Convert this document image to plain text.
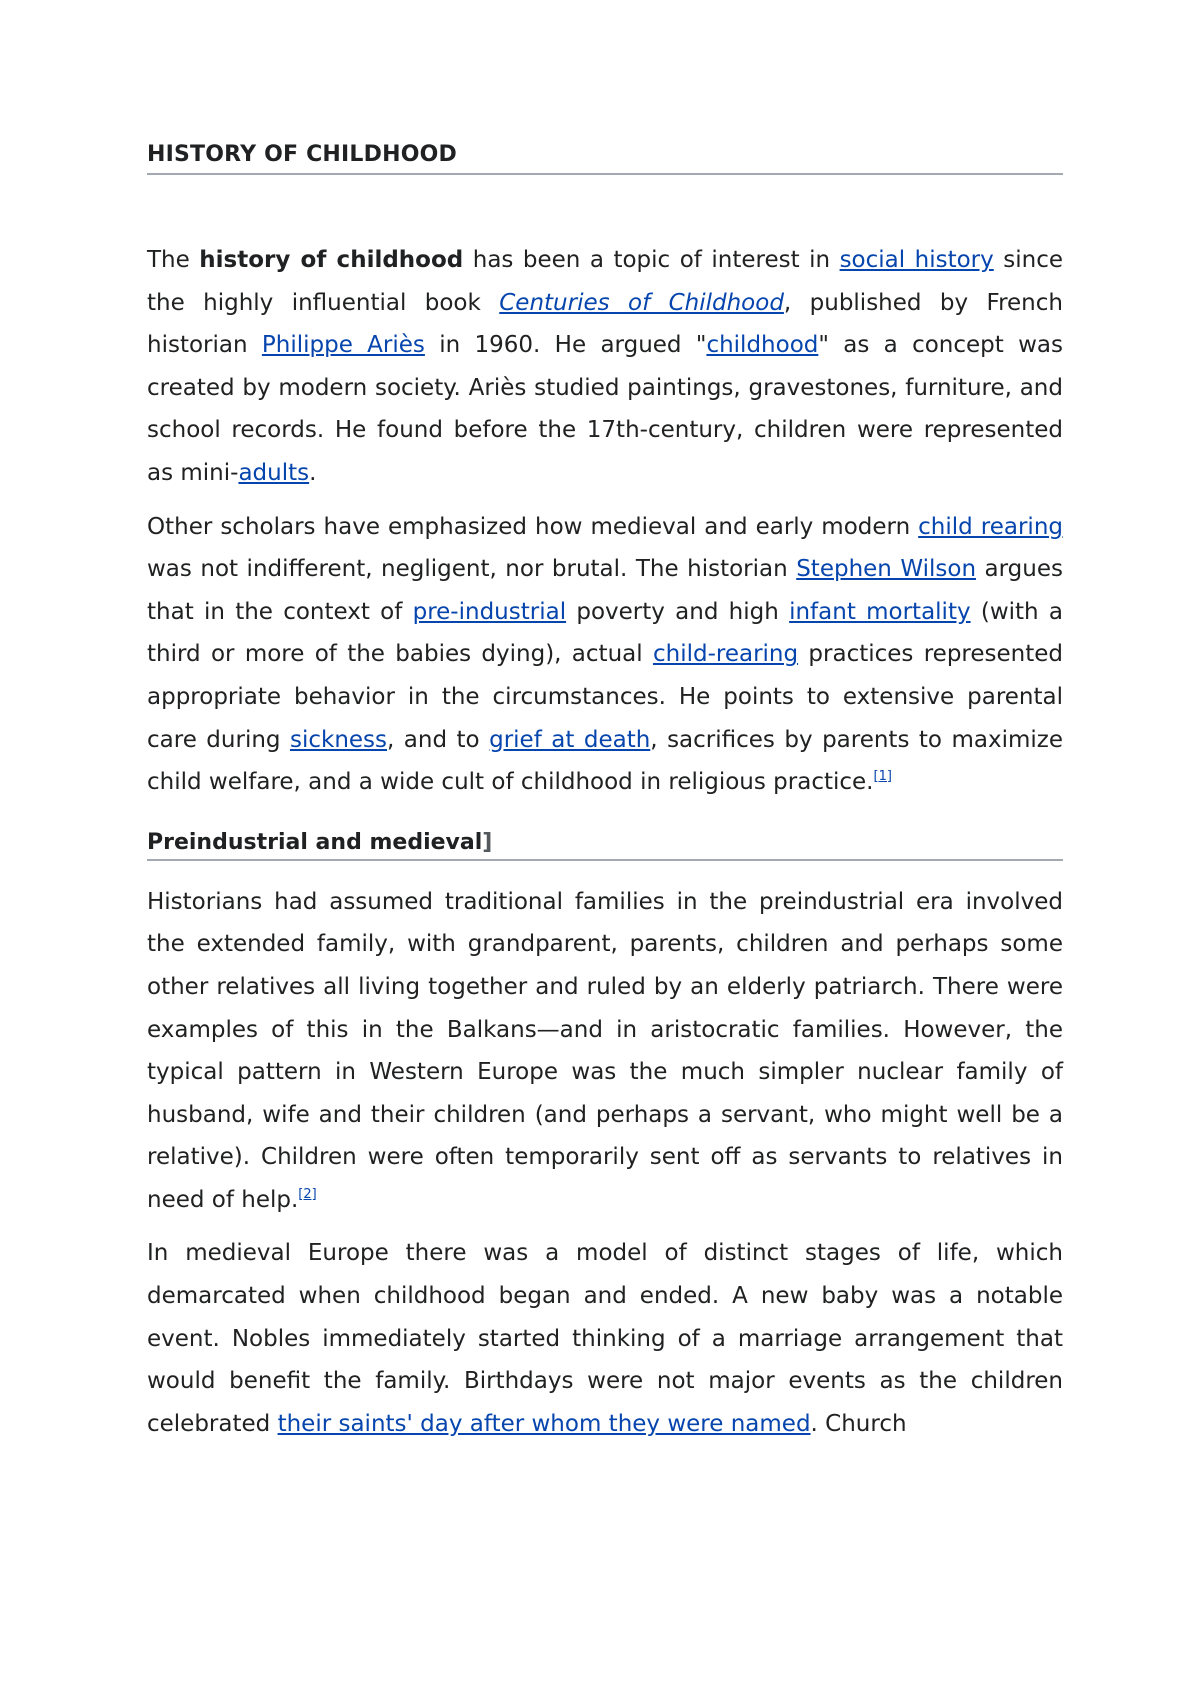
HISTORY OF CHILDHOOD

The history of childhood has been a topic of interest in social history since the highly influential book Centuries of Childhood, published by French historian Philippe Ariès in 1960. He argued "childhood" as a concept was created by modern society. Ariès studied paintings, gravestones, furniture, and school records. He found before the 17th-century, children were represented as mini-adults.

Other scholars have emphasized how medieval and early modern child rearing was not indifferent, negligent, nor brutal. The historian Stephen Wilson argues that in the context of pre-industrial poverty and high infant mortality (with a third or more of the babies dying), actual child-rearing practices represented appropriate behavior in the circumstances. He points to extensive parental care during sickness, and to grief at death, sacrifices by parents to maximize child welfare, and a wide cult of childhood in religious practice.[1]

Preindustrial and medieval]

Historians had assumed traditional families in the preindustrial era involved the extended family, with grandparent, parents, children and perhaps some other relatives all living together and ruled by an elderly patriarch. There were examples of this in the Balkans—and in aristocratic families. However, the typical pattern in Western Europe was the much simpler nuclear family of husband, wife and their children (and perhaps a servant, who might well be a relative). Children were often temporarily sent off as servants to relatives in need of help.[2]

In medieval Europe there was a model of distinct stages of life, which demarcated when childhood began and ended. A new baby was a notable event. Nobles immediately started thinking of a marriage arrangement that would benefit the family. Birthdays were not major events as the children celebrated their saints' day after whom they were named. Church
